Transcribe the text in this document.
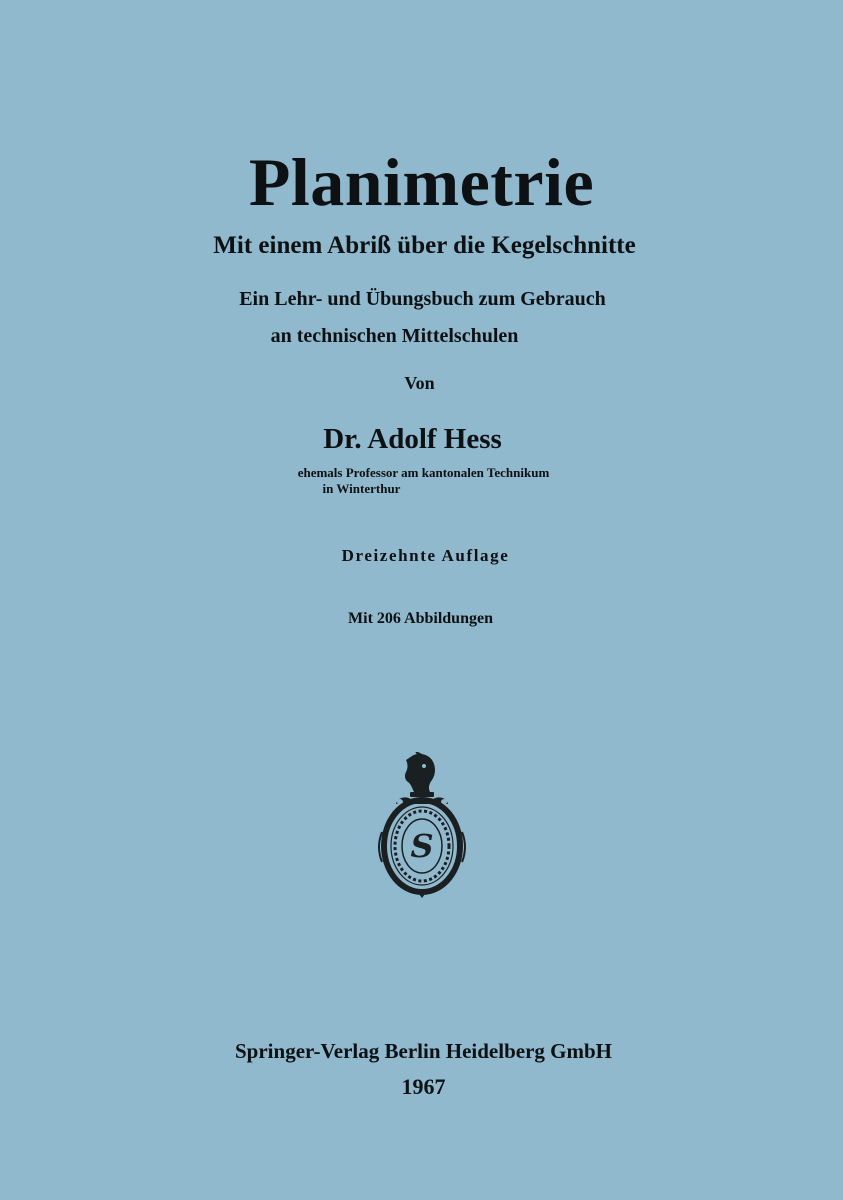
Planimetrie
Mit einem Abriß über die Kegelschnitte
Ein Lehr- und Übungsbuch zum Gebrauch
an technischen Mittelschulen
Von
Dr. Adolf Hess
ehemals Professor am kantonalen Technikum
in Winterthur
Dreizehnte Auflage
Mit 206 Abbildungen
S
Springer-Verlag Berlin Heidelberg GmbH
1967
